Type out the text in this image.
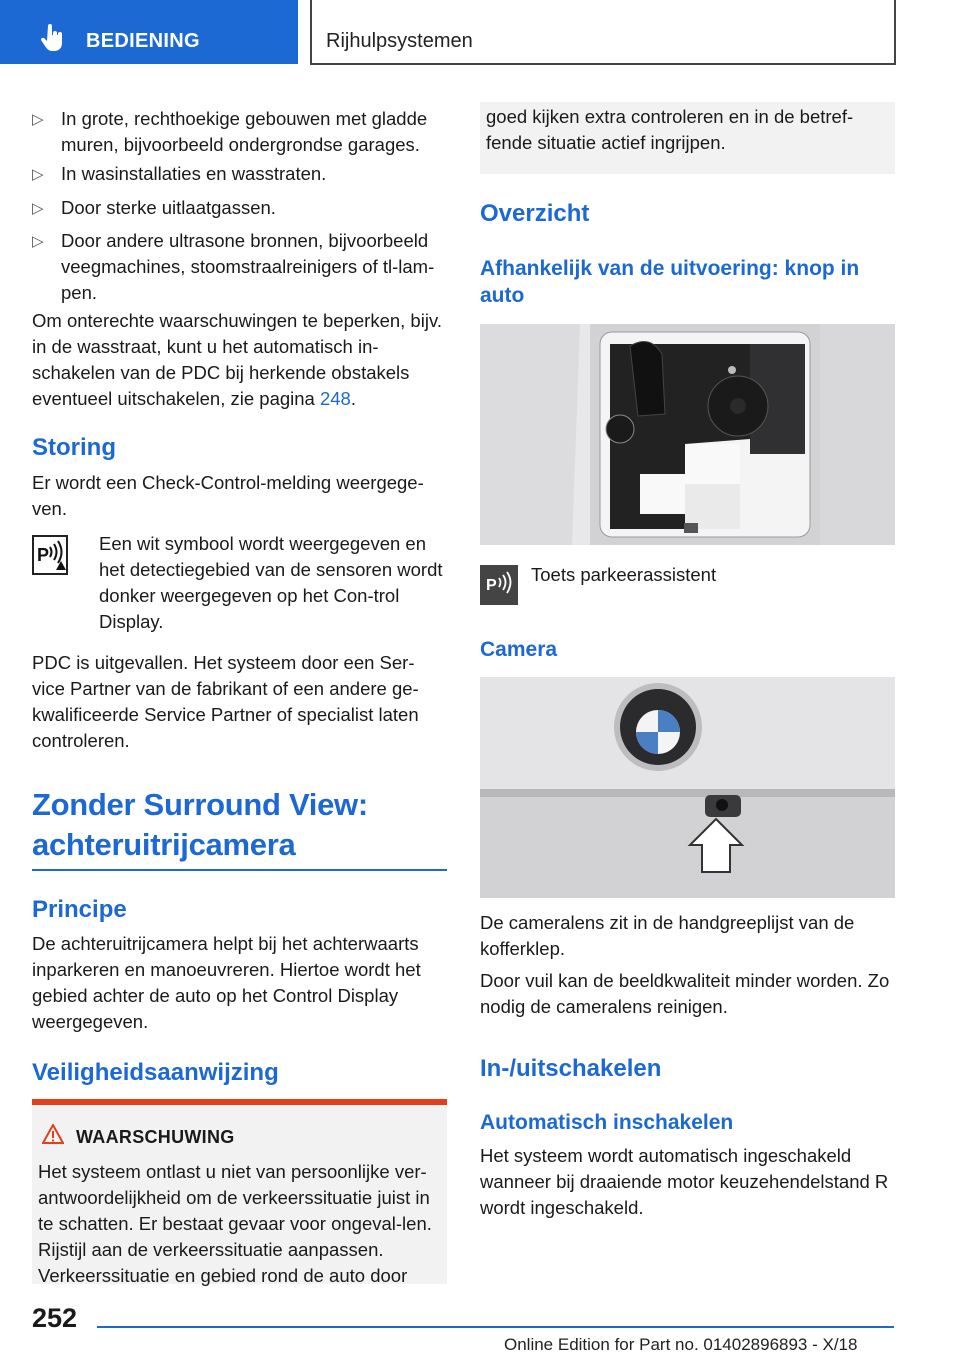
BEDIENING	Rijhulpsystemen
▷ In grote, rechthoekige gebouwen met gladde muren, bijvoorbeeld ondergrondse garages.
▷ In wasinstallaties en wasstraten.
▷ Door sterke uitlaatgassen.
▷ Door andere ultrasone bronnen, bijvoorbeeld veegmachines, stoomstraalreinigers of tl-lam-pen.
Om onterechte waarschuwingen te beperken, bijv. in de wasstraat, kunt u het automatisch in-schakelen van de PDC bij herkende obstakels eventueel uitschakelen, zie pagina 248.
Storing
Er wordt een Check-Control-melding weergege-ven.
P
Een wit symbool wordt weergegeven en het detectiegebied van de sensoren wordt donker weergegeven op het Con-trol Display.
PDC is uitgevallen. Het systeem door een Ser-vice Partner van de fabrikant of een andere ge-kwalificeerde Service Partner of specialist laten controleren.
Zonder Surround View: achteruitrijcamera
Principe
De achteruitrijcamera helpt bij het achterwaarts inparkeren en manoeuvreren. Hiertoe wordt het gebied achter de auto op het Control Display weergegeven.
Veiligheidsaanwijzing
WAARSCHUWING
Het systeem ontlast u niet van persoonlijke ver-antwoordelijkheid om de verkeerssituatie juist in te schatten. Er bestaat gevaar voor ongeval-len. Rijstijl aan de verkeerssituatie aanpassen. Verkeerssituatie en gebied rond de auto door
goed kijken extra controleren en in de betref-fende situatie actief ingrijpen.
Overzicht
Afhankelijk van de uitvoering: knop in auto
P
Toets parkeerassistent
Camera
De cameralens zit in de handgreeplijst van de kofferklep.
Door vuil kan de beeldkwaliteit minder worden. Zo nodig de cameralens reinigen.
In-/uitschakelen
Automatisch inschakelen
Het systeem wordt automatisch ingeschakeld wanneer bij draaiende motor keuzehendelstand R wordt ingeschakeld.
252
Online Edition for Part no. 01402896893 - X/18
